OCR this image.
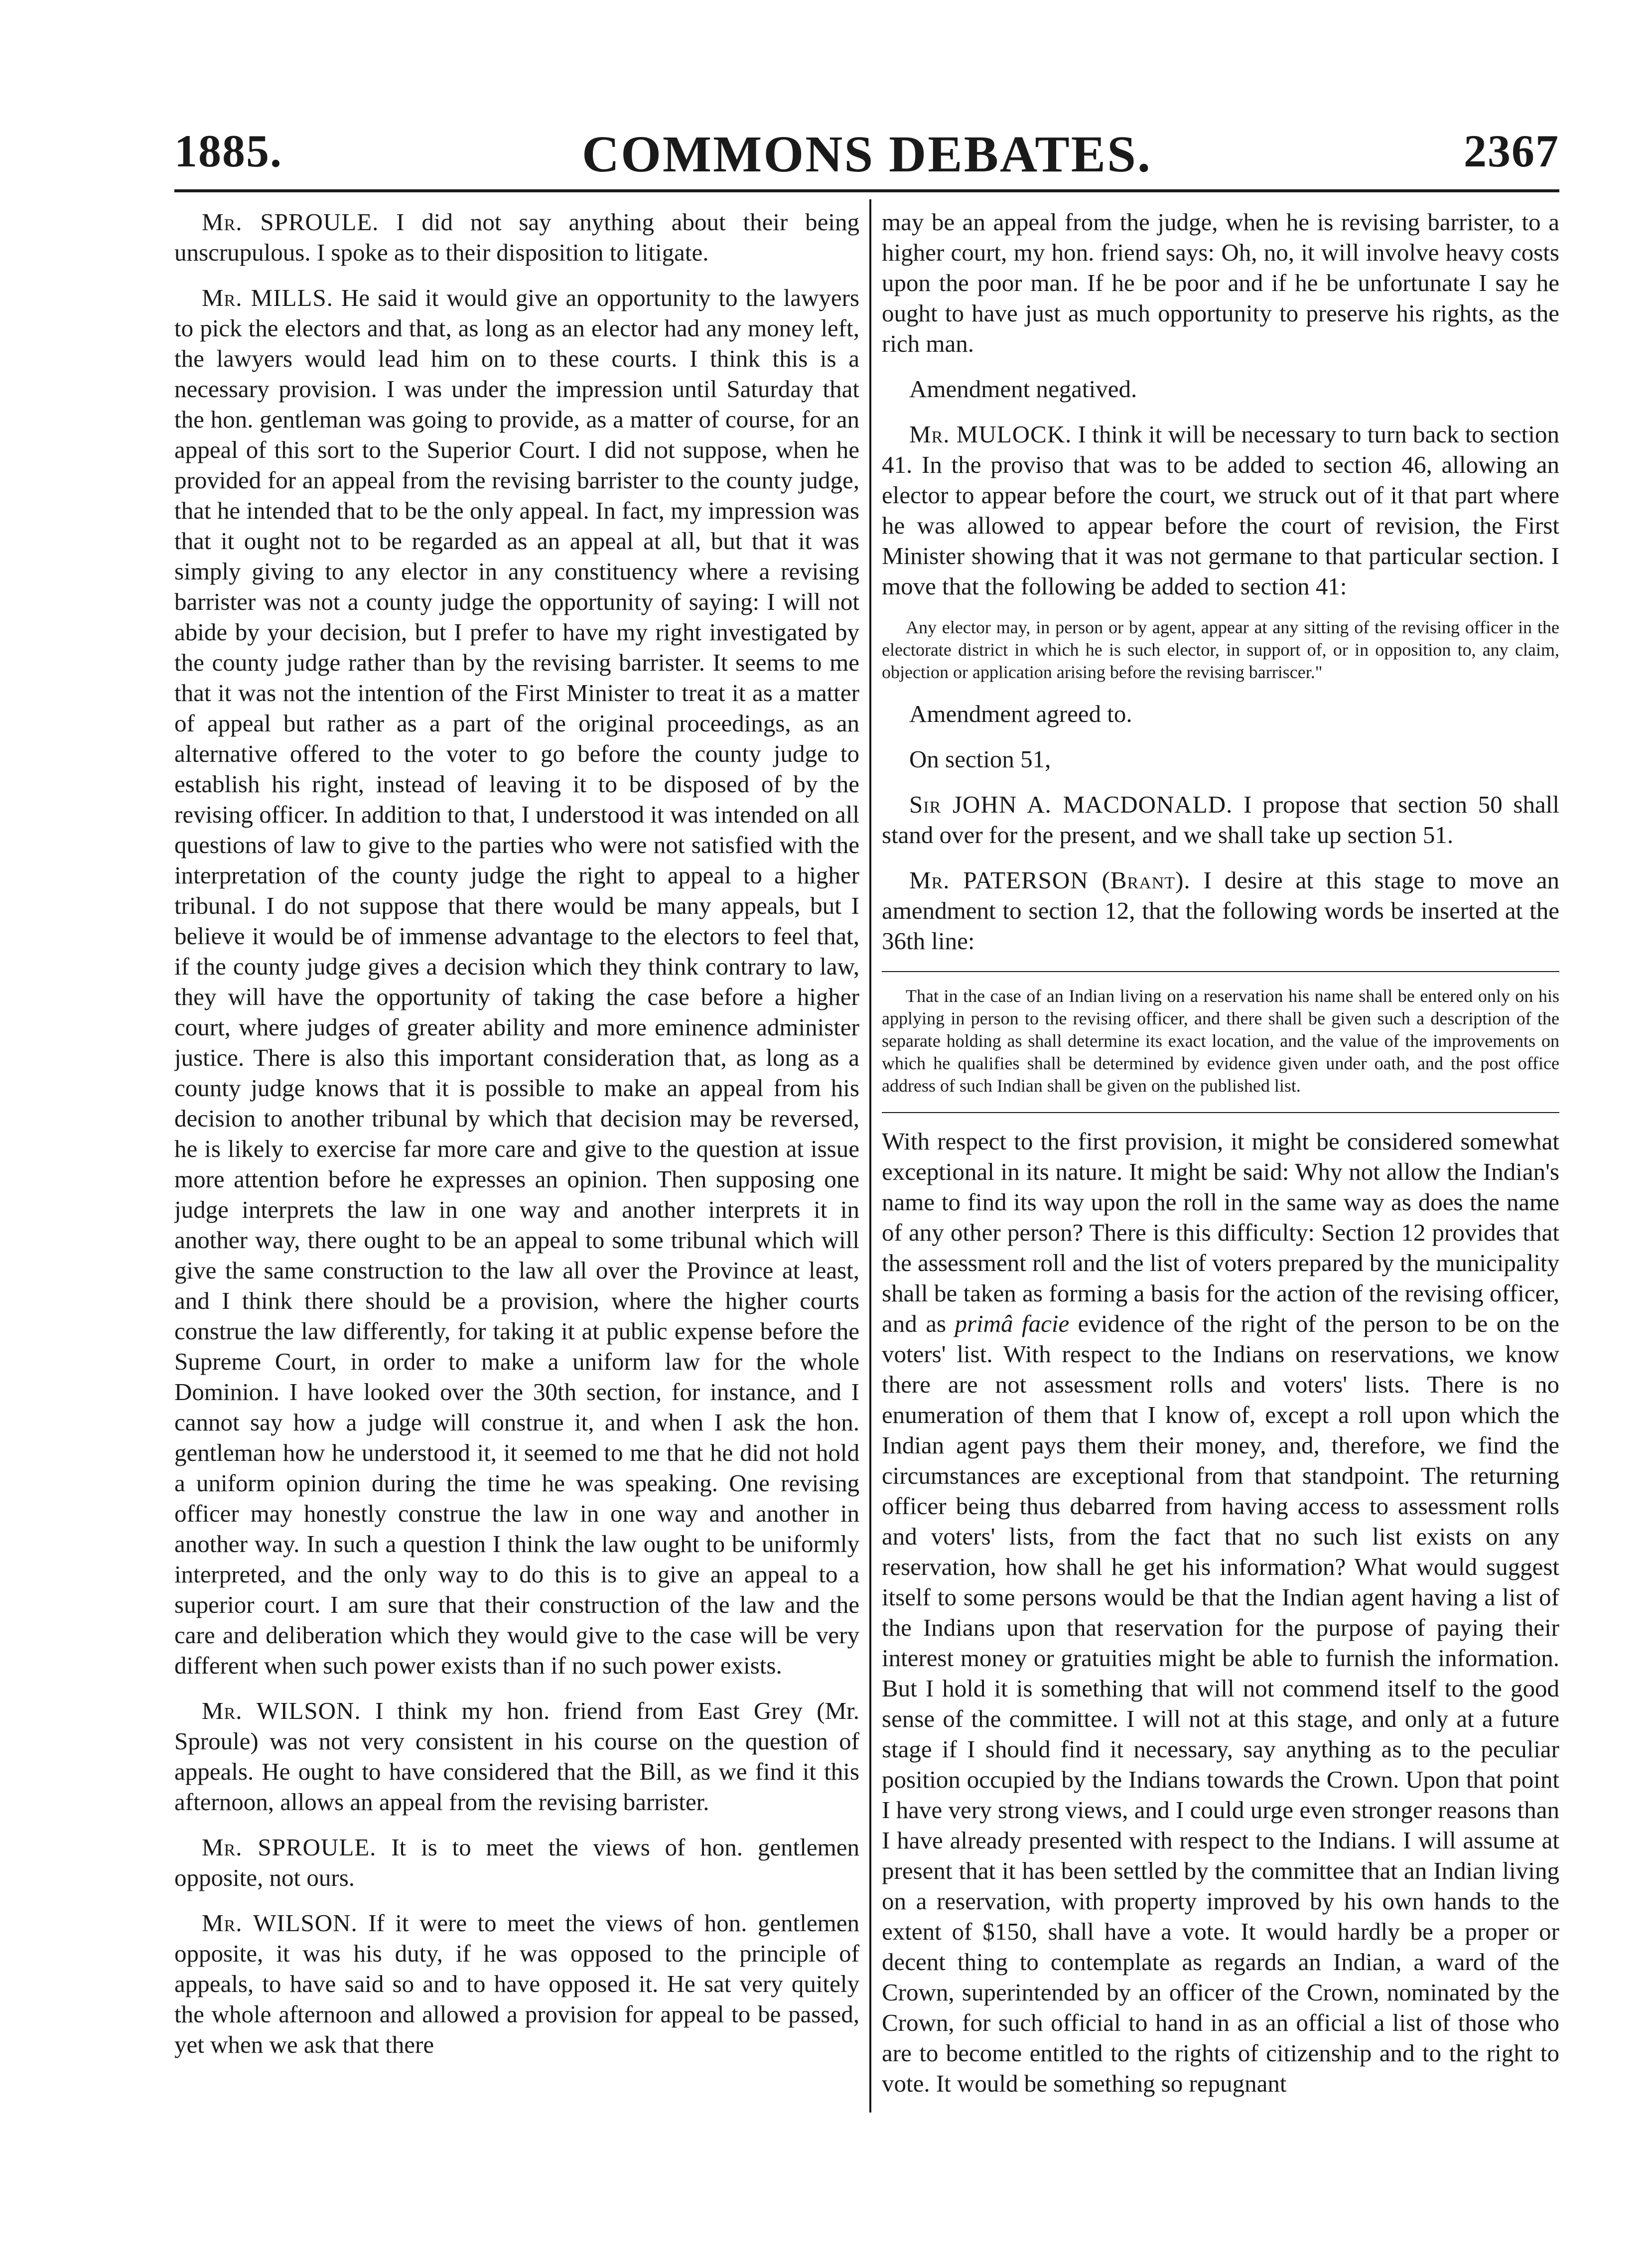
1885.	COMMONS DEBATES.	2367

Mr. SPROULE. I did not say anything about their being unscrupulous. I spoke as to their disposition to litigate.

Mr. MILLS. He said it would give an opportunity to the lawyers to pick the electors and that, as long as an elector had any money left, the lawyers would lead him on to these courts. I think this is a necessary provision. I was under the impression until Saturday that the hon. gentleman was going to provide, as a matter of course, for an appeal of this sort to the Superior Court. I did not suppose, when he provided for an appeal from the revising barrister to the county judge, that he intended that to be the only appeal. In fact, my impression was that it ought not to be regarded as an appeal at all, but that it was simply giving to any elector in any constituency where a revising barrister was not a county judge the opportunity of saying: I will not abide by your decision, but I prefer to have my right investigated by the county judge rather than by the revising barrister. It seems to me that it was not the intention of the First Minister to treat it as a matter of appeal but rather as a part of the original proceedings, as an alternative offered to the voter to go before the county judge to establish his right, instead of leaving it to be disposed of by the revising officer. In addition to that, I understood it was intended on all questions of law to give to the parties who were not satisfied with the interpretation of the county judge the right to appeal to a higher tribunal. I do not suppose that there would be many appeals, but I believe it would be of immense advantage to the electors to feel that, if the county judge gives a decision which they think contrary to law, they will have the opportunity of taking the case before a higher court, where judges of greater ability and more eminence administer justice. There is also this important consideration that, as long as a county judge knows that it is possible to make an appeal from his decision to another tribunal by which that decision may be reversed, he is likely to exercise far more care and give to the question at issue more attention before he expresses an opinion. Then supposing one judge interprets the law in one way and another interprets it in another way, there ought to be an appeal to some tribunal which will give the same construction to the law all over the Province at least, and I think there should be a provision, where the higher courts construe the law differently, for taking it at public expense before the Supreme Court, in order to make a uniform law for the whole Dominion. I have looked over the 30th section, for instance, and I cannot say how a judge will construe it, and when I ask the hon. gentleman how he understood it, it seemed to me that he did not hold a uniform opinion during the time he was speaking. One revising officer may honestly construe the law in one way and another in another way. In such a question I think the law ought to be uniformly interpreted, and the only way to do this is to give an appeal to a superior court. I am sure that their construction of the law and the care and deliberation which they would give to the case will be very different when such power exists than if no such power exists.

Mr. WILSON. I think my hon. friend from East Grey (Mr. Sproule) was not very consistent in his course on the question of appeals. He ought to have considered that the Bill, as we find it this afternoon, allows an appeal from the revising barrister.

Mr. SPROULE. It is to meet the views of hon. gentlemen opposite, not ours.

Mr. WILSON. If it were to meet the views of hon. gentlemen opposite, it was his duty, if he was opposed to the principle of appeals, to have said so and to have opposed it. He sat very quitely the whole afternoon and allowed a provision for appeal to be passed, yet when we ask that there

may be an appeal from the judge, when he is revising barrister, to a higher court, my hon. friend says: Oh, no, it will involve heavy costs upon the poor man. If he be poor and if he be unfortunate I say he ought to have just as much opportunity to preserve his rights, as the rich man.

Amendment negatived.

Mr. MULOCK. I think it will be necessary to turn back to section 41. In the proviso that was to be added to section 46, allowing an elector to appear before the court, we struck out of it that part where he was allowed to appear before the court of revision, the First Minister showing that it was not germane to that particular section. I move that the following be added to section 41:

Any elector may, in person or by agent, appear at any sitting of the revising officer in the electorate district in which he is such elector, in support of, or in opposition to, any claim, objection or application arising before the revising barriscer."

Amendment agreed to.

On section 51,

Sir JOHN A. MACDONALD. I propose that section 50 shall stand over for the present, and we shall take up section 51.

Mr. PATERSON (Brant). I desire at this stage to move an amendment to section 12, that the following words be inserted at the 36th line:

That in the case of an Indian living on a reservation his name shall be entered only on his applying in person to the revising officer, and there shall be given such a description of the separate holding as shall determine its exact location, and the value of the improvements on which he qualifies shall be determined by evidence given under oath, and the post office address of such Indian shall be given on the published list.

With respect to the first provision, it might be considered somewhat exceptional in its nature. It might be said: Why not allow the Indian's name to find its way upon the roll in the same way as does the name of any other person? There is this difficulty: Section 12 provides that the assessment roll and the list of voters prepared by the municipality shall be taken as forming a basis for the action of the revising officer, and as primâ facie evidence of the right of the person to be on the voters' list. With respect to the Indians on reservations, we know there are not assessment rolls and voters' lists. There is no enumeration of them that I know of, except a roll upon which the Indian agent pays them their money, and, therefore, we find the circumstances are exceptional from that standpoint. The returning officer being thus debarred from having access to assessment rolls and voters' lists, from the fact that no such list exists on any reservation, how shall he get his information? What would suggest itself to some persons would be that the Indian agent having a list of the Indians upon that reservation for the purpose of paying their interest money or gratuities might be able to furnish the information. But I hold it is something that will not commend itself to the good sense of the committee. I will not at this stage, and only at a future stage if I should find it necessary, say anything as to the peculiar position occupied by the Indians towards the Crown. Upon that point I have very strong views, and I could urge even stronger reasons than I have already presented with respect to the Indians. I will assume at present that it has been settled by the committee that an Indian living on a reservation, with property improved by his own hands to the extent of $150, shall have a vote. It would hardly be a proper or decent thing to contemplate as regards an Indian, a ward of the Crown, superintended by an officer of the Crown, nominated by the Crown, for such official to hand in as an official a list of those who are to become entitled to the rights of citizenship and to the right to vote. It would be something so repugnant
